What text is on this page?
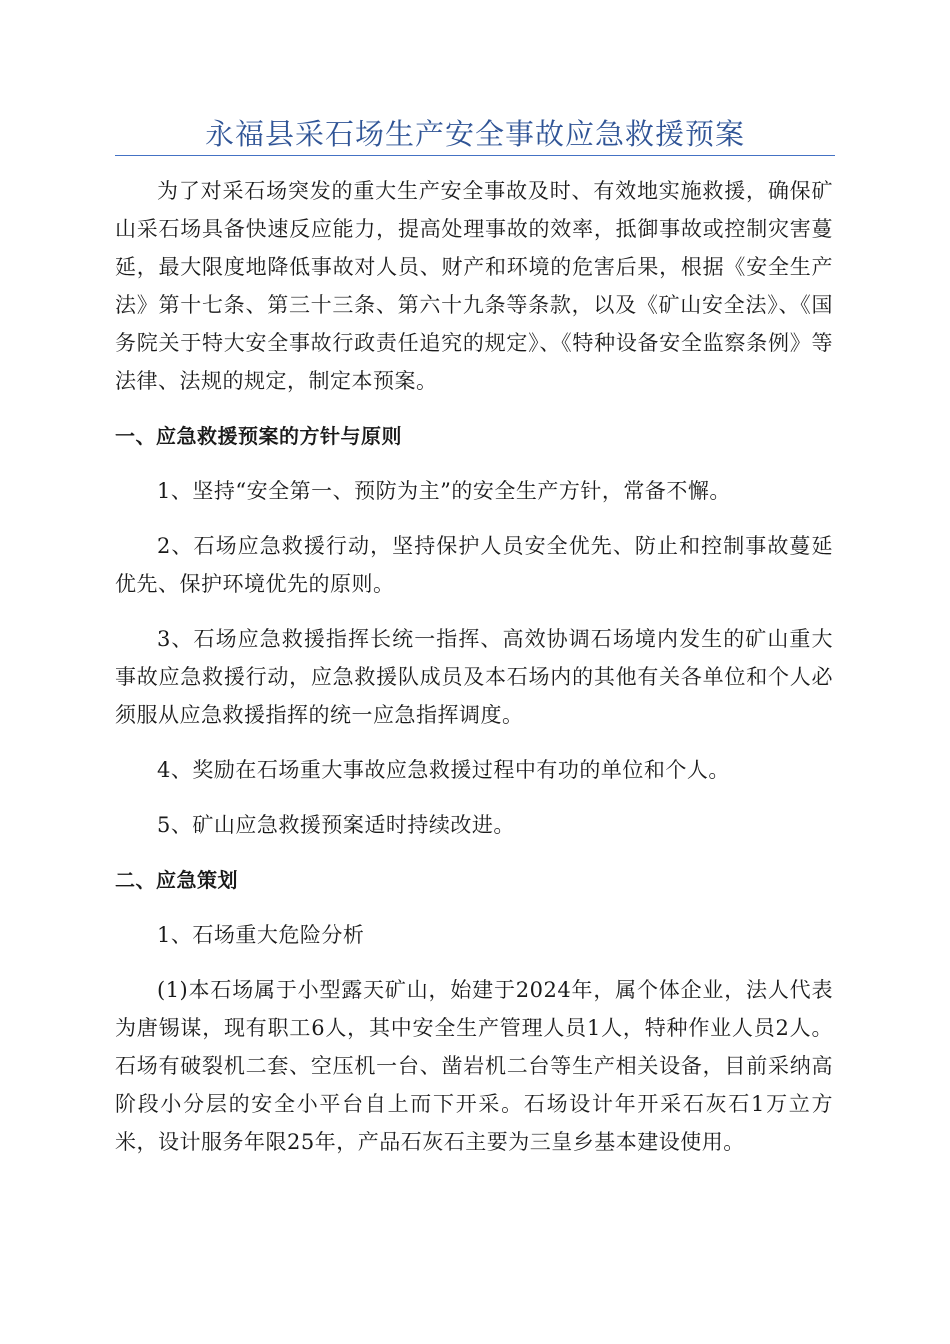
永福县采石场生产安全事故应急救援预案

为了对采石场突发的重大生产安全事故及时、有效地实施救援，确保矿山采石场具备快速反应能力，提高处理事故的效率，抵御事故或控制灾害蔓延，最大限度地降低事故对人员、财产和环境的危害后果，根据《安全生产法》第十七条、第三十三条、第六十九条等条款，以及《矿山安全法》、《国务院关于特大安全事故行政责任追究的规定》、《特种设备安全监察条例》等法律、法规的规定，制定本预案。

一、应急救援预案的方针与原则

1、坚持“安全第一、预防为主”的安全生产方针，常备不懈。

2、石场应急救援行动，坚持保护人员安全优先、防止和控制事故蔓延优先、保护环境优先的原则。

3、石场应急救援指挥长统一指挥、高效协调石场境内发生的矿山重大事故应急救援行动，应急救援队成员及本石场内的其他有关各单位和个人必须服从应急救援指挥的统一应急指挥调度。

4、奖励在石场重大事故应急救援过程中有功的单位和个人。

5、矿山应急救援预案适时持续改进。

二、应急策划

1、石场重大危险分析

(1)本石场属于小型露天矿山，始建于2024年，属个体企业，法人代表为唐锡谋，现有职工6人，其中安全生产管理人员1人，特种作业人员2人。石场有破裂机二套、空压机一台、凿岩机二台等生产相关设备，目前采纳高阶段小分层的安全小平台自上而下开采。石场设计年开采石灰石1万立方米，设计服务年限25年，产品石灰石主要为三皇乡基本建设使用。
